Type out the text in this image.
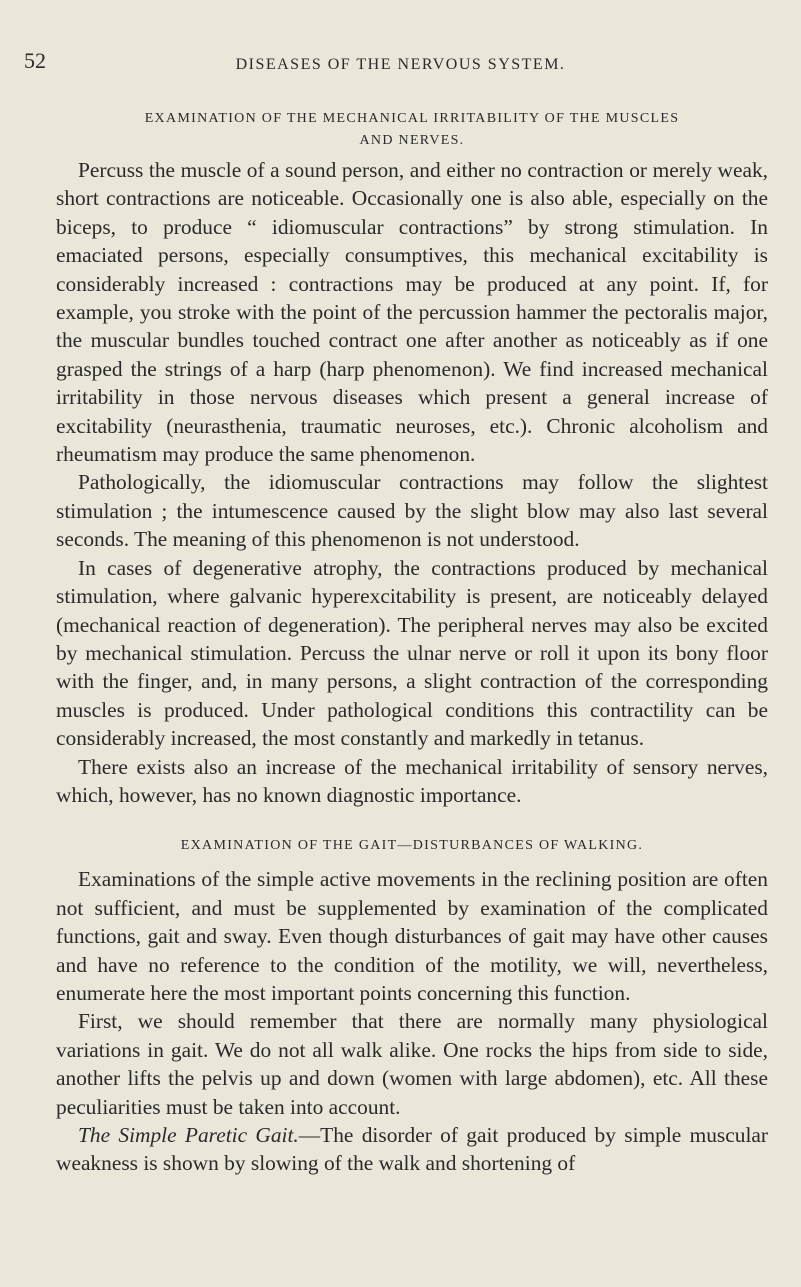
52	DISEASES OF THE NERVOUS SYSTEM.
EXAMINATION OF THE MECHANICAL IRRITABILITY OF THE MUSCLES
AND NERVES.

Percuss the muscle of a sound person, and either no contraction or merely weak, short contractions are noticeable. Occasionally one is also able, especially on the biceps, to produce “ idiomuscular contractions” by strong stimulation. In emaciated persons, especially consumptives, this mechanical excitability is considerably increased : contractions may be produced at any point. If, for example, you stroke with the point of the percussion hammer the pectoralis major, the muscular bundles touched contract one after another as noticeably as if one grasped the strings of a harp (harp phenomenon). We find increased mechanical irritability in those nervous diseases which present a general increase of excitability (neurasthenia, traumatic neuroses, etc.). Chronic alcoholism and rheumatism may produce the same phenomenon.

Pathologically, the idiomuscular contractions may follow the slightest stimulation ; the intumescence caused by the slight blow may also last several seconds. The meaning of this phenomenon is not understood.

In cases of degenerative atrophy, the contractions produced by mechanical stimulation, where galvanic hyperexcitability is present, are noticeably delayed (mechanical reaction of degeneration). The peripheral nerves may also be excited by mechanical stimulation. Percuss the ulnar nerve or roll it upon its bony floor with the finger, and, in many persons, a slight contraction of the corresponding muscles is produced. Under pathological conditions this contractility can be considerably increased, the most constantly and markedly in tetanus.

There exists also an increase of the mechanical irritability of sensory nerves, which, however, has no known diagnostic importance.

EXAMINATION OF THE GAIT—DISTURBANCES OF WALKING.

Examinations of the simple active movements in the reclining position are often not sufficient, and must be supplemented by examination of the complicated functions, gait and sway. Even though disturbances of gait may have other causes and have no reference to the condition of the motility, we will, nevertheless, enumerate here the most important points concerning this function.

First, we should remember that there are normally many physiological variations in gait. We do not all walk alike. One rocks the hips from side to side, another lifts the pelvis up and down (women with large abdomen), etc. All these peculiarities must be taken into account.

The Simple Paretic Gait.—The disorder of gait produced by simple muscular weakness is shown by slowing of the walk and shortening of
